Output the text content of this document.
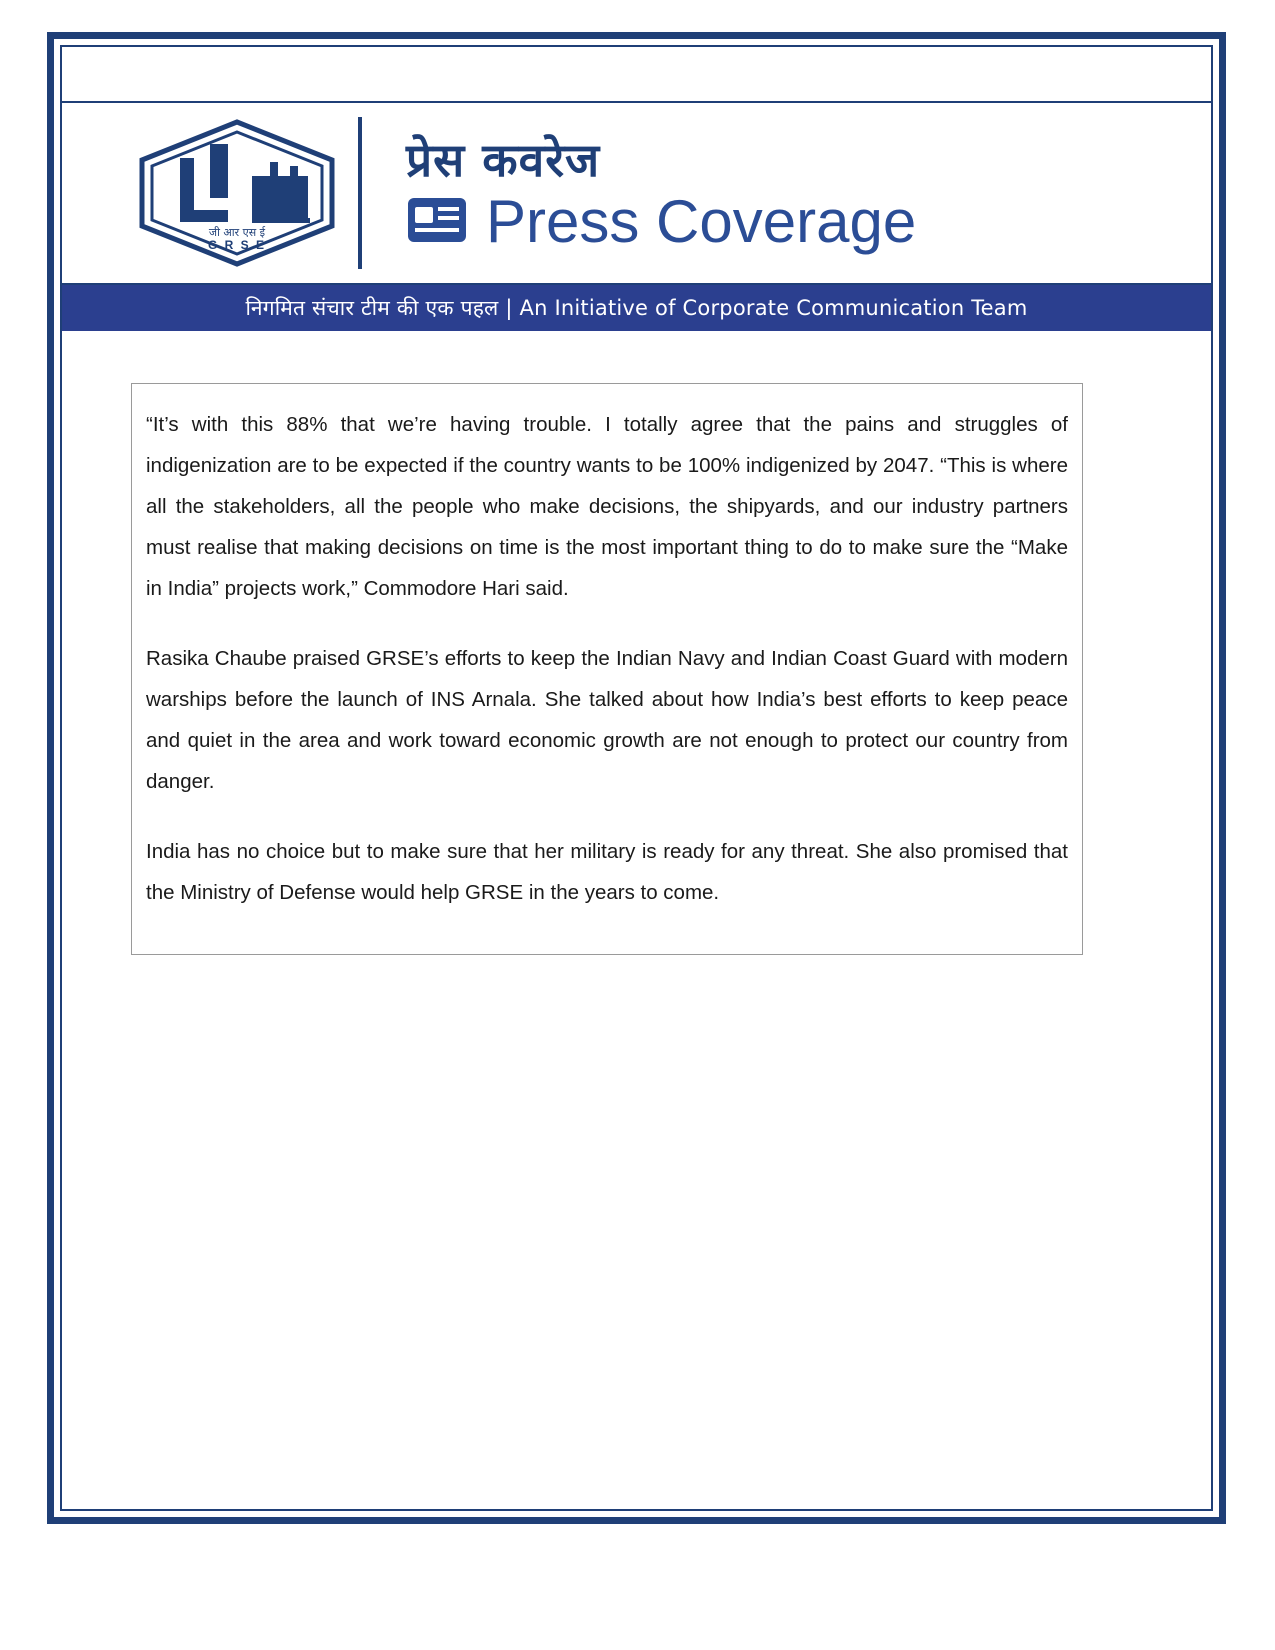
जी आर एस ई
G R S E
प्रेस कवरेज
Press Coverage
निगमित संचार टीम की एक पहल | An Initiative of Corporate Communication Team

“It’s with this 88% that we’re having trouble. I totally agree that the pains and struggles of indigenization are to be expected if the country wants to be 100% indigenized by 2047. “This is where all the stakeholders, all the people who make decisions, the shipyards, and our industry partners must realise that making decisions on time is the most important thing to do to make sure the “Make in India” projects work,” Commodore Hari said.

Rasika Chaube praised GRSE’s efforts to keep the Indian Navy and Indian Coast Guard with modern warships before the launch of INS Arnala. She talked about how India’s best efforts to keep peace and quiet in the area and work toward economic growth are not enough to protect our country from danger.

India has no choice but to make sure that her military is ready for any threat. She also promised that the Ministry of Defense would help GRSE in the years to come.
